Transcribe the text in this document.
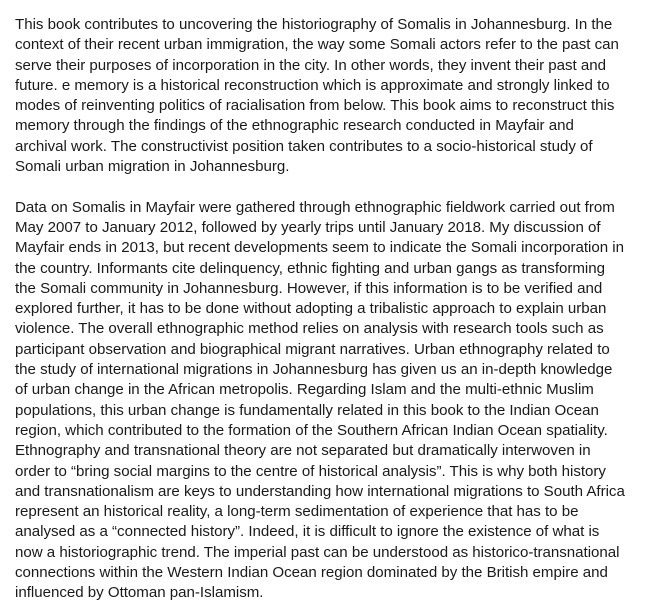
This book contributes to uncovering the historiography of Somalis in Johannesburg. In the
context of their recent urban immigration, the way some Somali actors refer to the past can
serve their purposes of incorporation in the city. In other words, they invent their past and
future. e memory is a historical reconstruction which is approximate and strongly linked to
modes of reinventing politics of racialisation from below. This book aims to reconstruct this
memory through the findings of the ethnographic research conducted in Mayfair and
archival work. The constructivist position taken contributes to a socio-historical study of
Somali urban migration in Johannesburg.

Data on Somalis in Mayfair were gathered through ethnographic fieldwork carried out from
May 2007 to January 2012, followed by yearly trips until January 2018. My discussion of
Mayfair ends in 2013, but recent developments seem to indicate the Somali incorporation in
the country. Informants cite delinquency, ethnic fighting and urban gangs as transforming
the Somali community in Johannesburg. However, if this information is to be verified and
explored further, it has to be done without adopting a tribalistic approach to explain urban
violence. The overall ethnographic method relies on analysis with research tools such as
participant observation and biographical migrant narratives. Urban ethnography related to
the study of international migrations in Johannesburg has given us an in-depth knowledge
of urban change in the African metropolis. Regarding Islam and the multi-ethnic Muslim
populations, this urban change is fundamentally related in this book to the Indian Ocean
region, which contributed to the formation of the Southern African Indian Ocean spatiality.
Ethnography and transnational theory are not separated but dramatically interwoven in
order to “bring social margins to the centre of historical analysis”. This is why both history
and transnationalism are keys to understanding how international migrations to South Africa
represent an historical reality, a long-term sedimentation of experience that has to be
analysed as a “connected history”. Indeed, it is difficult to ignore the existence of what is
now a historiographic trend. The imperial past can be understood as historico-transnational
connections within the Western Indian Ocean region dominated by the British empire and
influenced by Ottoman pan-Islamism.
